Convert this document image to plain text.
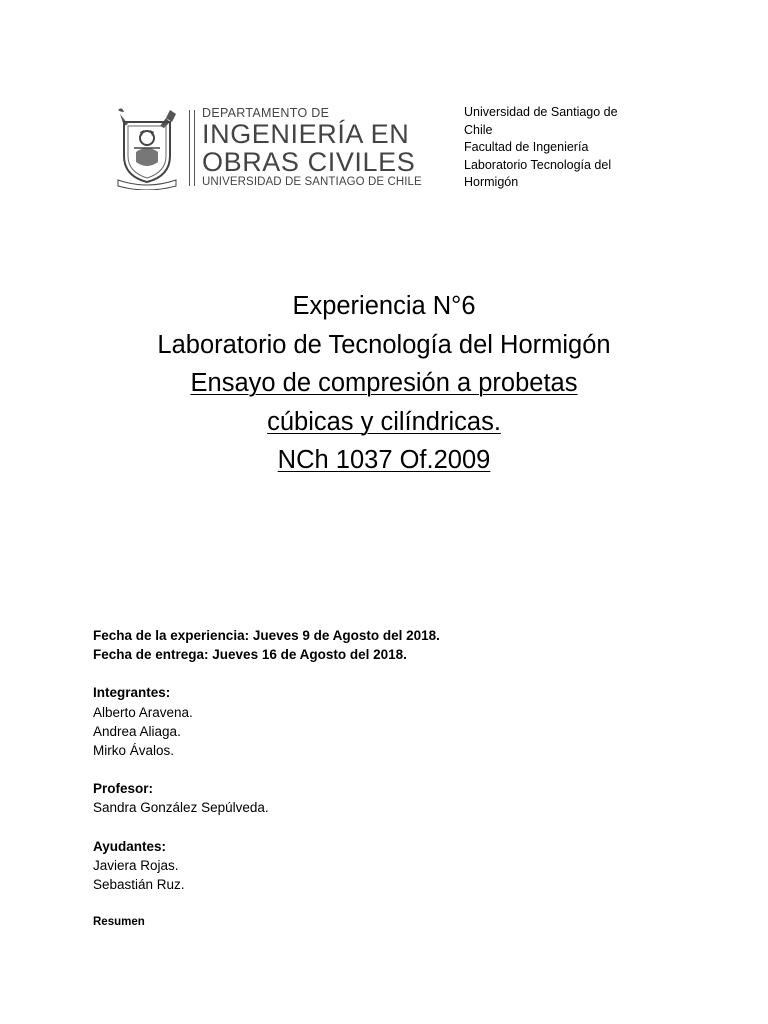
DEPARTAMENTO DE
INGENIERÍA EN
OBRAS CIVILES
UNIVERSIDAD DE SANTIAGO DE CHILE
Universidad de Santiago de
Chile
Facultad de Ingeniería
Laboratorio Tecnología del
Hormigón
Experiencia N°6
Laboratorio de Tecnología del Hormigón
Ensayo de compresión a probetas
cúbicas y cilíndricas.
NCh 1037 Of.2009
Fecha de la experiencia: Jueves 9 de Agosto del 2018.
Fecha de entrega: Jueves 16 de Agosto del 2018.
Integrantes:
Alberto Aravena.
Andrea Aliaga.
Mirko Ávalos.
Profesor:
Sandra González Sepúlveda.
Ayudantes:
Javiera Rojas.
Sebastián Ruz.
Resumen
